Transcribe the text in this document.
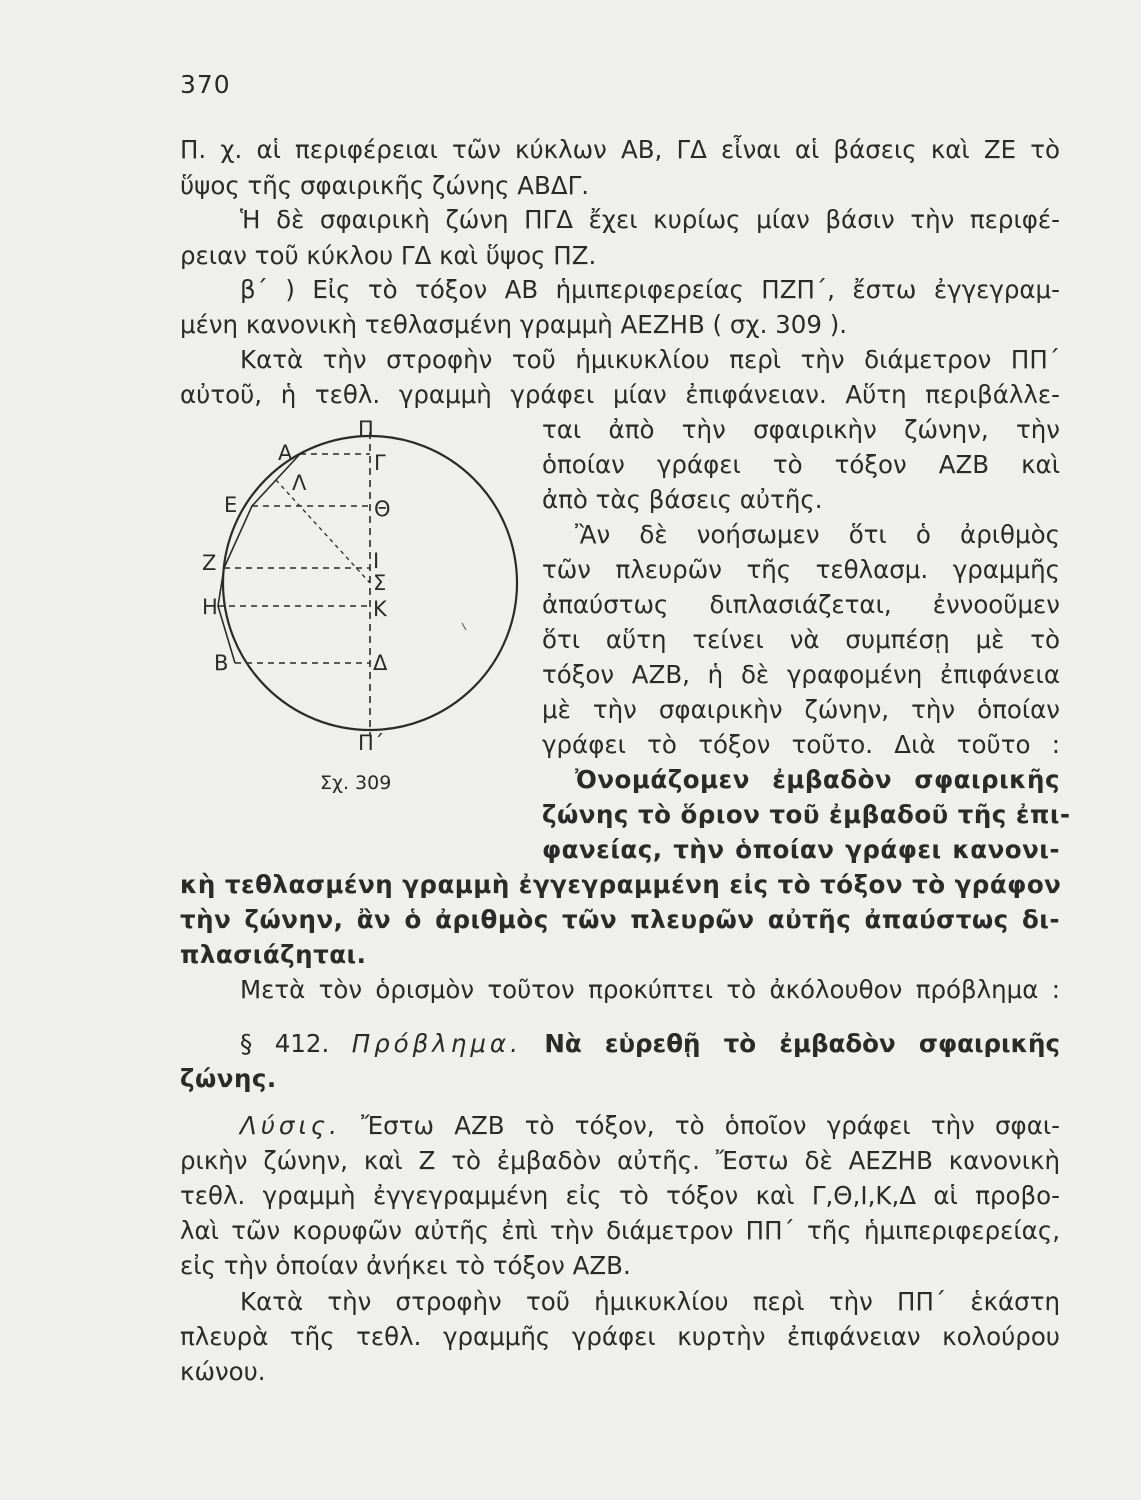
370
Π. χ. αἱ περιφέρειαι τῶν κύκλων ΑΒ, ΓΔ εἶναι αἱ βάσεις καὶ ΖΕ τὸ
ὕψος τῆς σφαιρικῆς ζώνης ΑΒΔΓ.
Ἡ δὲ σφαιρικὴ ζώνη ΠΓΔ ἔχει κυρίως μίαν βάσιν τὴν περιφέ-
ρειαν τοῦ κύκλου ΓΔ καὶ ὕψος ΠΖ.
β΄ ) Εἰς τὸ τόξον ΑΒ ἡμιπεριφερείας ΠΖΠ΄, ἔστω ἐγγεγραμ-
μένη κανονικὴ τεθλασμένη γραμμὴ ΑΕΖΗΒ ( σχ. 309 ).
Κατὰ τὴν στροφὴν τοῦ ἡμικυκλίου περὶ τὴν διάμετρον ΠΠ΄
αὐτοῦ, ἡ τεθλ. γραμμὴ γράφει μίαν ἐπιφάνειαν. Αὕτη περιβάλλε-
ται ἀπὸ τὴν σφαιρικὴν ζώνην, τὴν
ὁποίαν γράφει τὸ τόξον ΑΖΒ καὶ
ἀπὸ τὰς βάσεις αὐτῆς.
Ἂν δὲ νοήσωμεν ὅτι ὁ ἀριθμὸς
τῶν πλευρῶν τῆς τεθλασμ. γραμμῆς
ἀπαύστως διπλασιάζεται, ἐννοοῦμεν
ὅτι αὕτη τείνει νὰ συμπέσῃ μὲ τὸ
τόξον ΑΖΒ, ἡ δὲ γραφομένη ἐπιφάνεια
μὲ τὴν σφαιρικὴν ζώνην, τὴν ὁποίαν
γράφει τὸ τόξον τοῦτο. Διὰ τοῦτο :
Ὀνομάζομεν ἐμβαδὸν σφαιρικῆς
ζώνης τὸ ὅριον τοῦ ἐμβαδοῦ τῆς ἐπι-
φανείας, τὴν ὁποίαν γράφει κανονι-
κὴ τεθλασμένη γραμμὴ ἐγγεγραμμένη εἰς τὸ τόξον τὸ γράφον
τὴν ζώνην, ἂν ὁ ἀριθμὸς τῶν πλευρῶν αὐτῆς ἀπαύστως δι-
πλασιάζηται.
Μετὰ τὸν ὁρισμὸν τοῦτον προκύπτει τὸ ἀκόλουθον πρόβλημα :
§ 412. Πρόβλημα. Νὰ εὑρεθῇ τὸ ἐμβαδὸν σφαιρικῆς
ζώνης.
Λύσις. Ἔστω ΑΖΒ τὸ τόξον, τὸ ὁποῖον γράφει τὴν σφαι-
ρικὴν ζώνην, καὶ Ζ τὸ ἐμβαδὸν αὐτῆς. Ἔστω δὲ ΑΕΖΗΒ κανονικὴ
τεθλ. γραμμὴ ἐγγεγραμμένη εἰς τὸ τόξον καὶ Γ,Θ,Ι,Κ,Δ αἱ προβο-
λαὶ τῶν κορυφῶν αὐτῆς ἐπὶ τὴν διάμετρον ΠΠ΄ τῆς ἡμιπεριφερείας,
εἰς τὴν ὁποίαν ἀνήκει τὸ τόξον ΑΖΒ.
Κατὰ τὴν στροφὴν τοῦ ἡμικυκλίου περὶ τὴν ΠΠ΄ ἑκάστη
πλευρὰ τῆς τεθλ. γραμμῆς γράφει κυρτὴν ἐπιφάνειαν κολούρου
κώνου.
Π
Α	Γ
Λ
Ε	Θ
Ζ	Ι
Σ
Η	Κ
Β	Δ
Π΄
Σχ. 309
